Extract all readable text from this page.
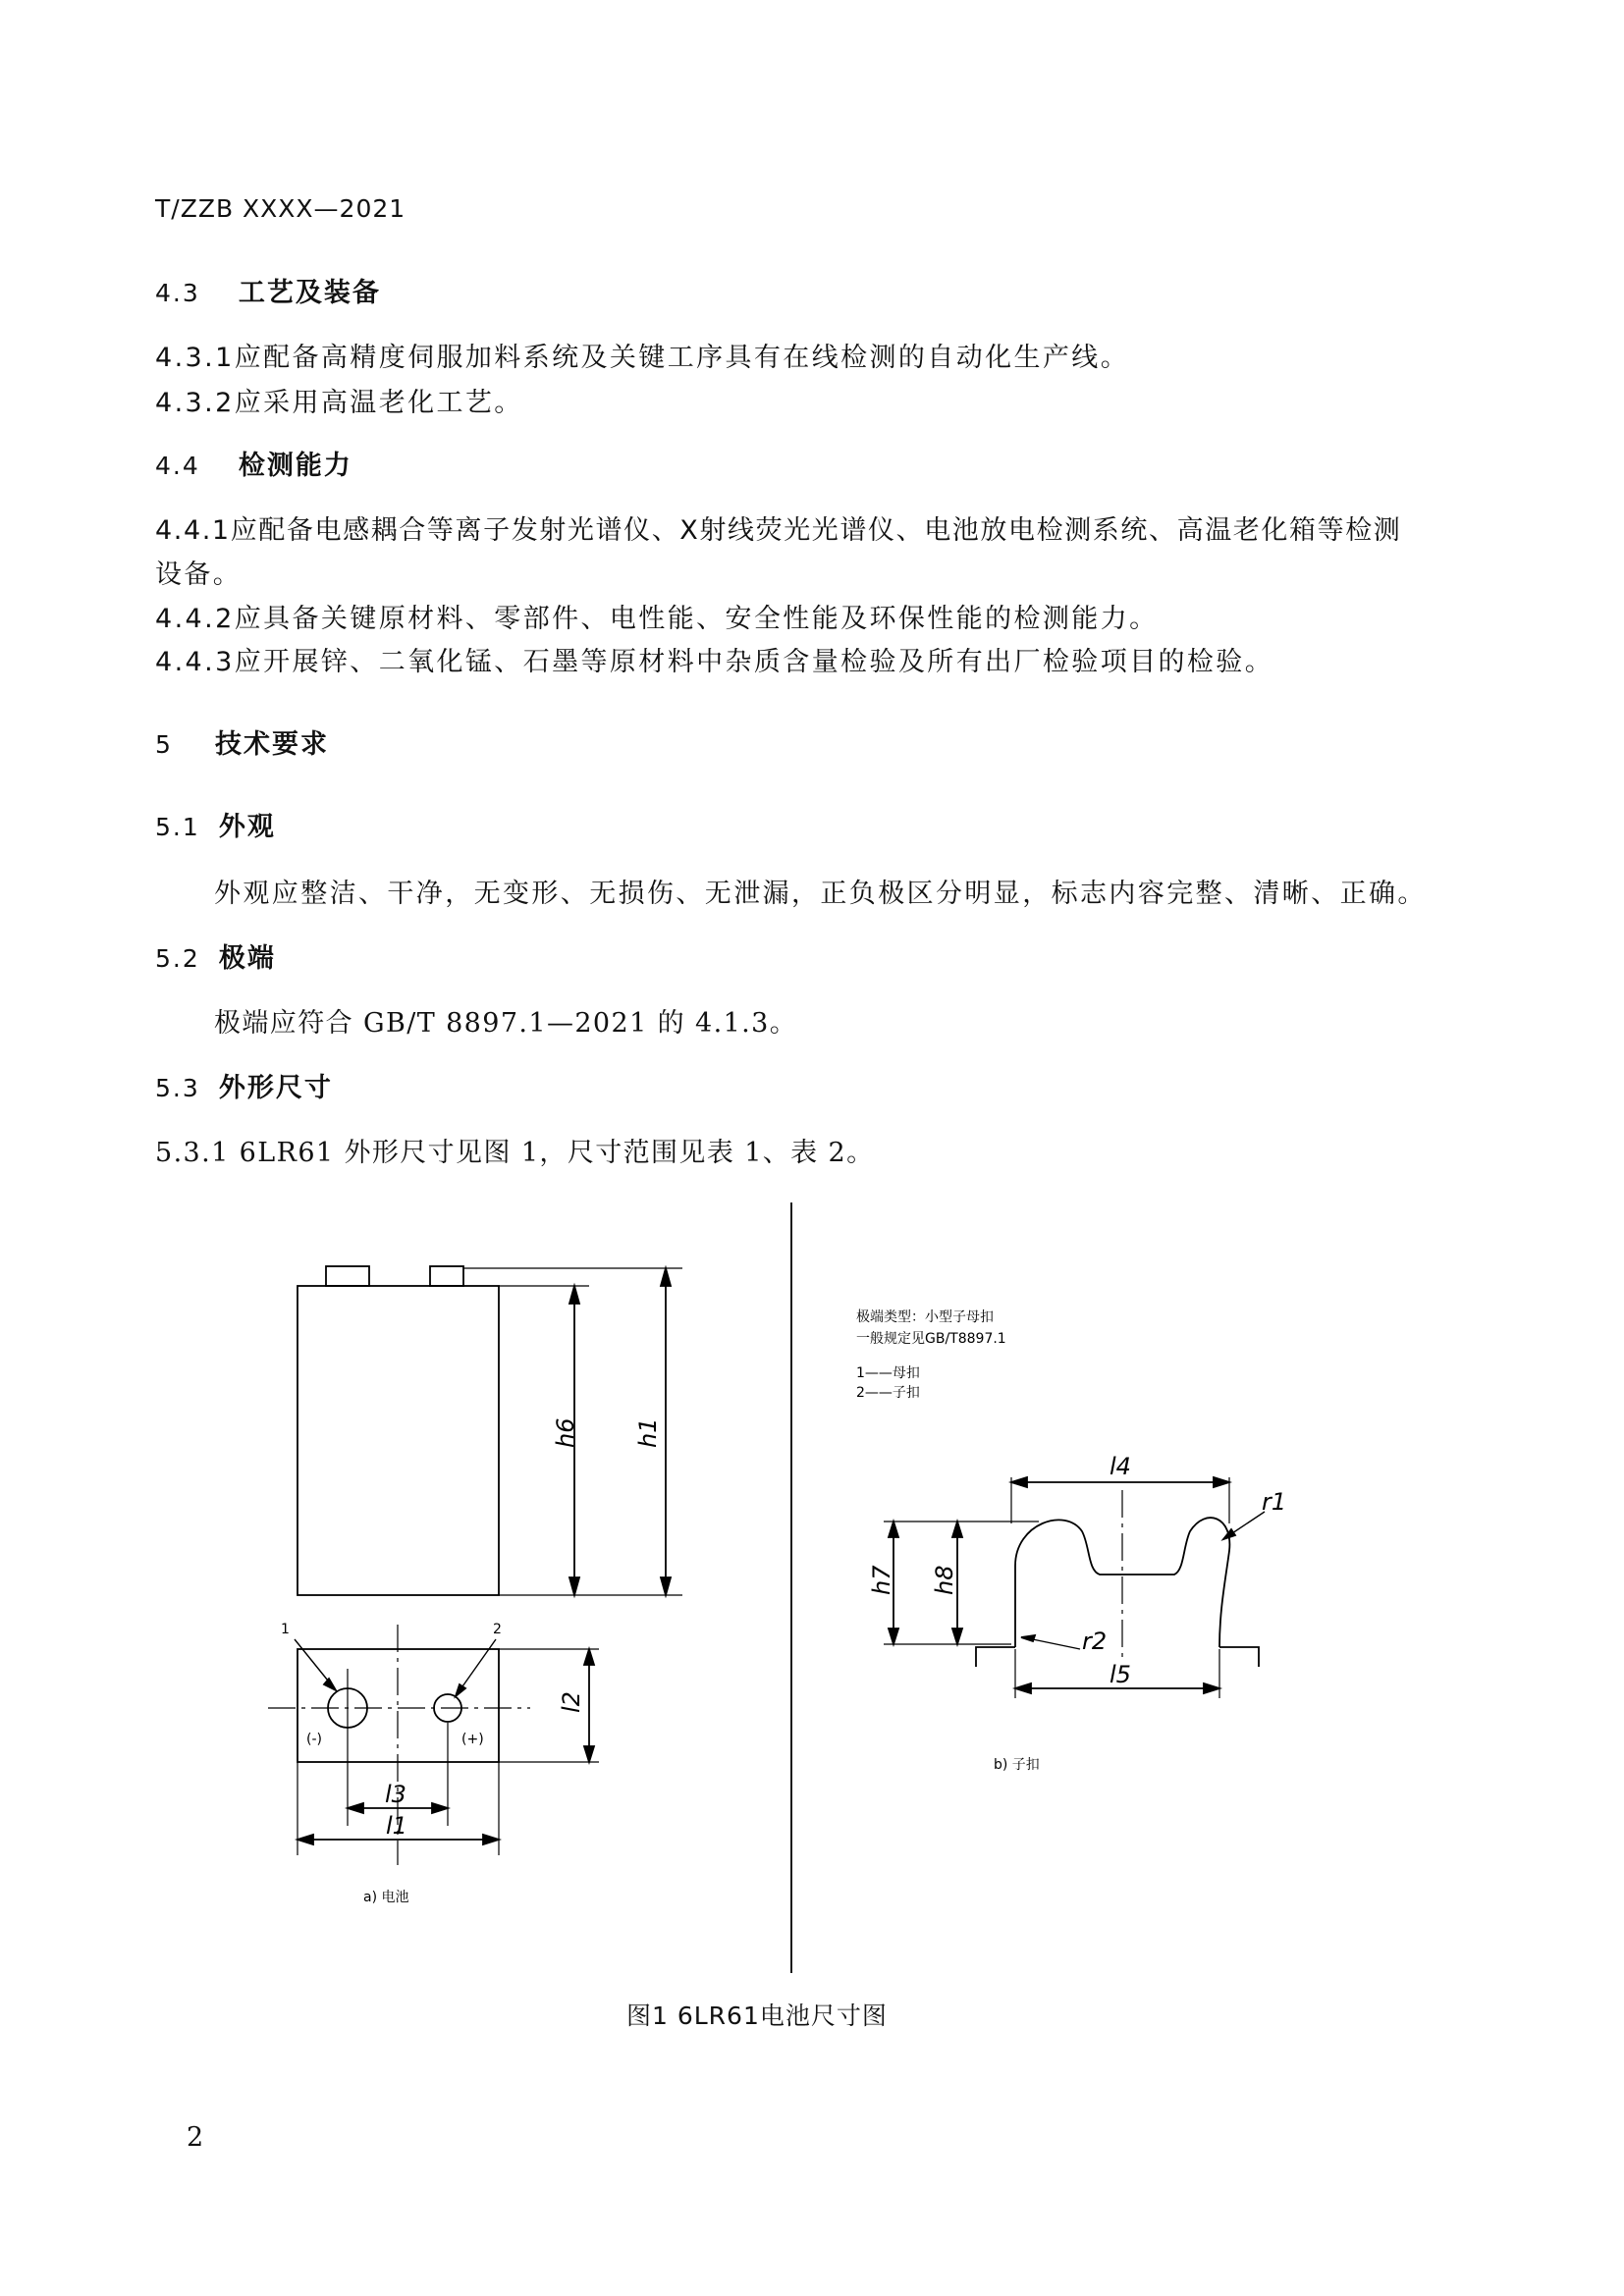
T/ZZB XXXX—2021
4.3 工艺及装备
4.3.1应配备高精度伺服加料系统及关键工序具有在线检测的自动化生产线。
4.3.2应采用高温老化工艺。
4.4 检测能力
4.4.1应配备电感耦合等离子发射光谱仪、X射线荧光光谱仪、电池放电检测系统、高温老化箱等检测
设备。
4.4.2应具备关键原材料、零部件、电性能、安全性能及环保性能的检测能力。
4.4.3应开展锌、二氧化锰、石墨等原材料中杂质含量检验及所有出厂检验项目的检验。
5 技术要求
5.1 外观
外观应整洁、干净，无变形、无损伤、无泄漏，正负极区分明显，标志内容完整、清晰、正确。
5.2 极端
极端应符合 GB/T 8897.1—2021 的 4.1.3。
5.3 外形尺寸
5.3.1 6LR61 外形尺寸见图 1，尺寸范围见表 1、表 2。
h6 h1
l2
l3
l1
l4
l5
h7 h8
r1
r2
1	2
(-)	(+)
a) 电池
极端类型：小型子母扣
一般规定见GB/T8897.1
1——母扣
2——子扣
b) 子扣
图1 6LR61电池尺寸图
2
